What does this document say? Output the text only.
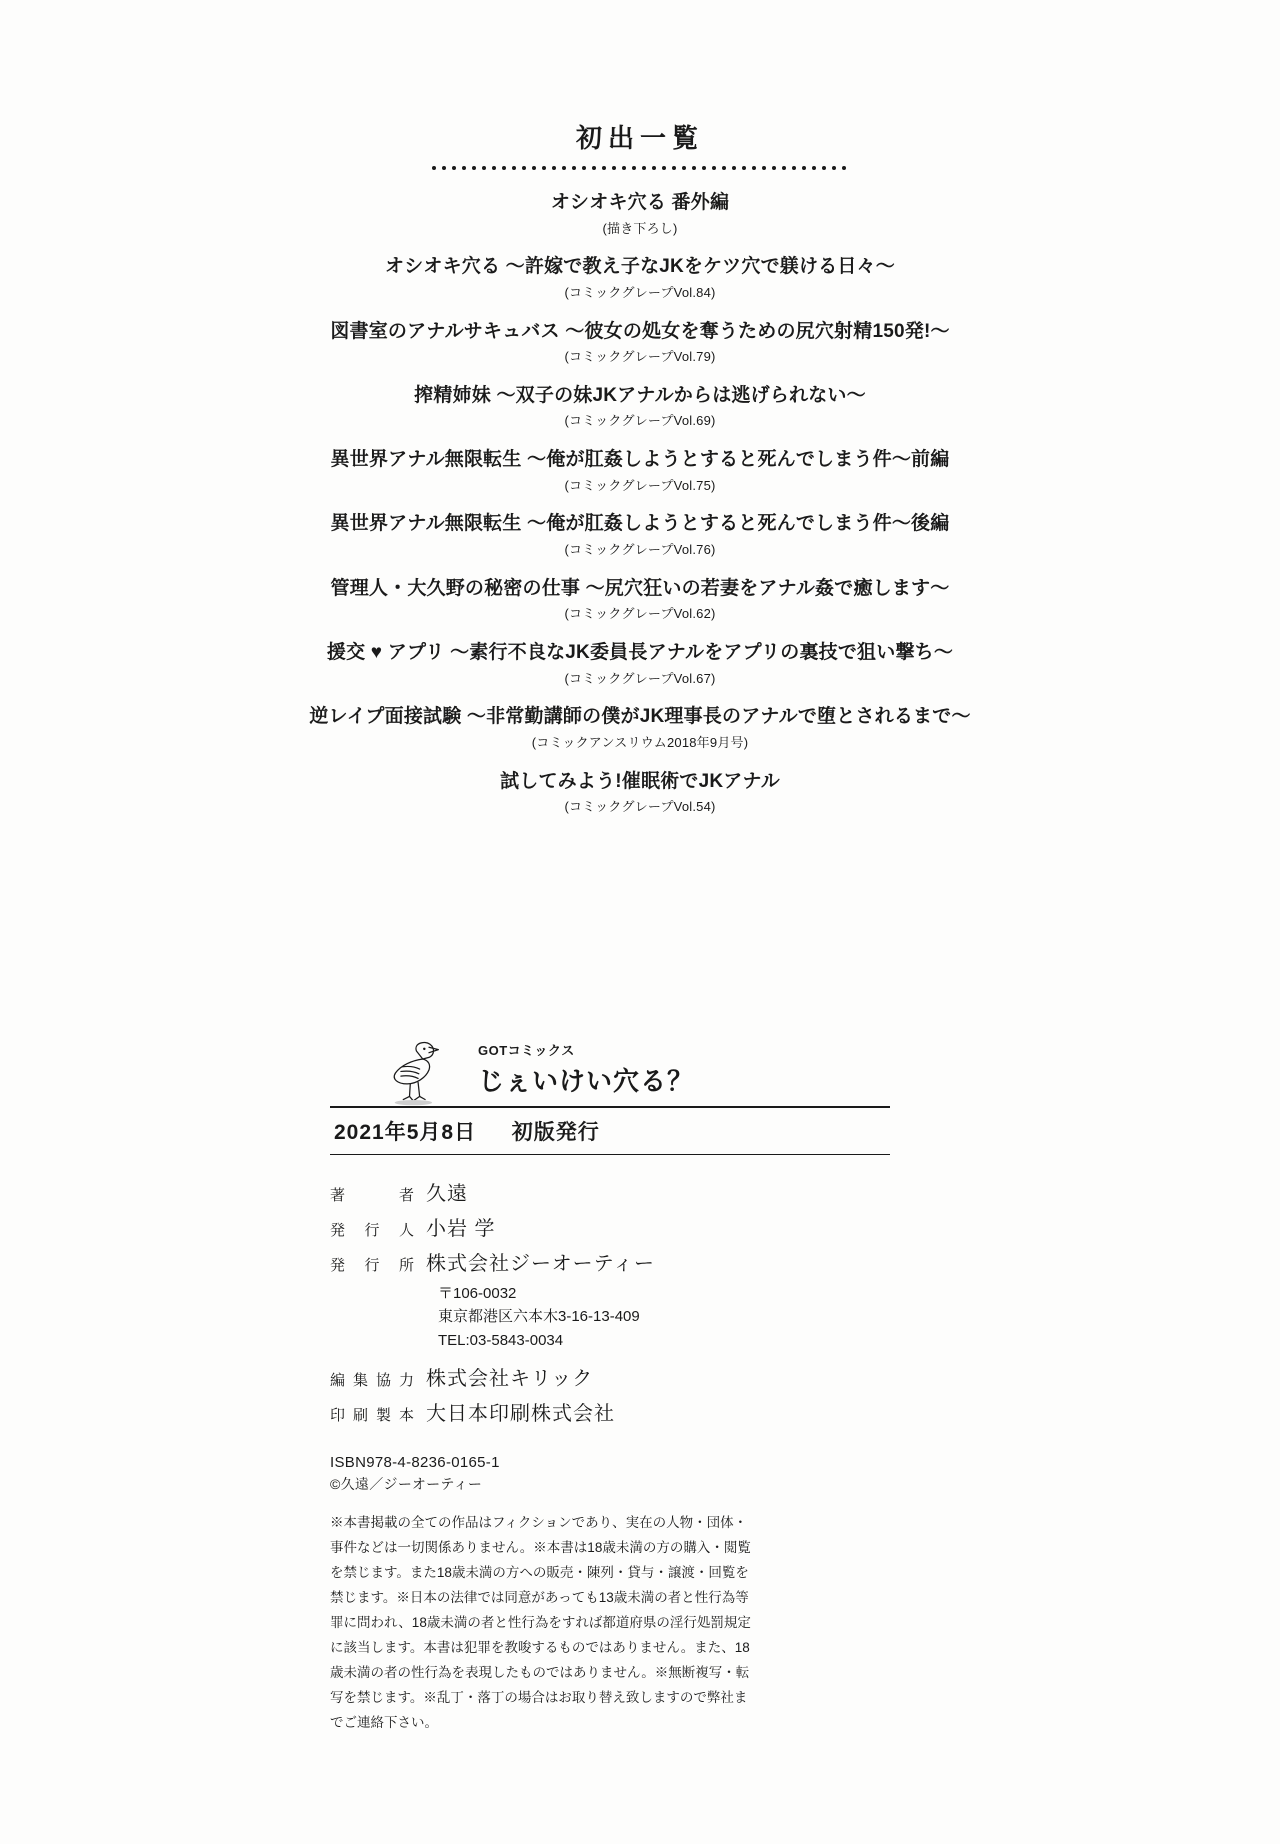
初出一覧

オシオキ穴る 番外編

(描き下ろし)

オシオキ穴る ～許嫁で教え子なJKをケツ穴で躾ける日々～

(コミックグレープVol.84)

図書室のアナルサキュバス ～彼女の処女を奪うための尻穴射精150発!～

(コミックグレープVol.79)

搾精姉妹 ～双子の妹JKアナルからは逃げられない～

(コミックグレープVol.69)

異世界アナル無限転生 ～俺が肛姦しようとすると死んでしまう件～前編

(コミックグレープVol.75)

異世界アナル無限転生 ～俺が肛姦しようとすると死んでしまう件～後編

(コミックグレープVol.76)

管理人・大久野の秘密の仕事 ～尻穴狂いの若妻をアナル姦で癒します～

(コミックグレープVol.62)

援交 ♥ アプリ ～素行不良なJK委員長アナルをアプリの裏技で狙い撃ち～

(コミックグレープVol.67)

逆レイプ面接試験 ～非常勤講師の僕がJK理事長のアナルで堕とされるまで～

(コミックアンスリウム2018年9月号)

試してみよう!催眠術でJKアナル

(コミックグレープVol.54)

GOTコミックス

じぇいけい穴る？

2021年5月8日 初版発行
著	者 久遠
発 行 人 小岩 学
発 行 所 株式会社ジーオーティー
〒106-0032
東京都港区六本木3-16-13-409
TEL:03-5843-0034
編 集 協 力 株式会社キリック
印 刷 製 本 大日本印刷株式会社
ISBN978-4-8236-0165-1
©久遠／ジーオーティー

※本書掲載の全ての作品はフィクションであり、実在の人物・団体・事件などは一切関係ありません。※本書は18歳未満の方の購入・閲覧を禁じます。また18歳未満の方への販売・陳列・貸与・譲渡・回覧を禁じます。※日本の法律では同意があっても13歳未満の者と性行為等罪に問われ、18歳未満の者と性行為をすれば都道府県の淫行処罰規定に該当します。本書は犯罪を教唆するものではありません。また、18歳未満の者の性行為を表現したものではありません。※無断複写・転写を禁じます。※乱丁・落丁の場合はお取り替え致しますので弊社までご連絡下さい。
